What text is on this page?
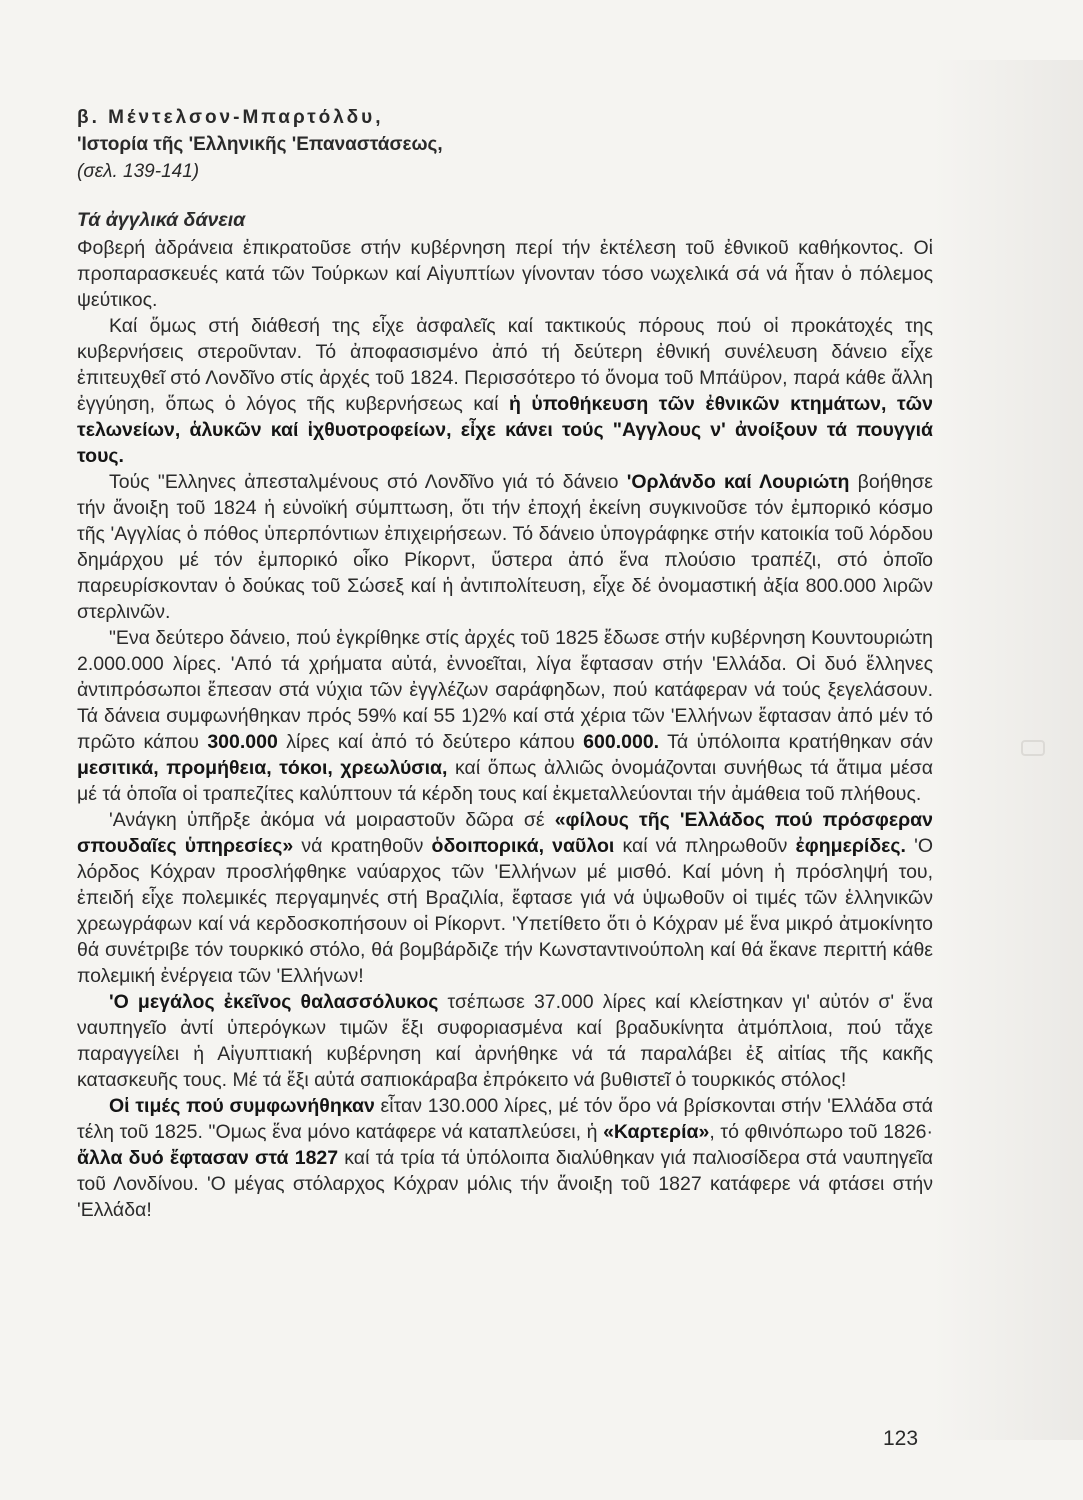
β. Μέντελσον-Μπαρτόλδυ,
'Ιστορία τῆς 'Ελληνικῆς 'Επαναστάσεως,
(σελ. 139-141)
Τά ἀγγλικά δάνεια

Φοβερή ἀδράνεια ἐπικρατοῦσε στήν κυβέρνηση περί τήν ἐκτέλεση τοῦ ἐθνικοῦ καθήκοντος. Οἱ προπαρασκευές κατά τῶν Τούρκων καί Αἰγυπτίων γίνονταν τόσο νωχελικά σά νά ἦταν ὁ πόλεμος ψεύτικος.

Καί ὅμως στή διάθεσή της εἶχε ἀσφαλεῖς καί τακτικούς πόρους πού οἱ προκάτοχές της κυβερνήσεις στεροῦνταν. Τό ἀποφασισμένο ἀπό τή δεύτερη ἐθνική συνέλευση δάνειο εἶχε ἐπιτευχθεῖ στό Λονδῖνο στίς ἀρχές τοῦ 1824. Περισσότερο τό ὄνομα τοῦ Μπάϋρον, παρά κάθε ἄλλη ἐγγύηση, ὅπως ὁ λόγος τῆς κυβερνήσεως καί ἡ ὑποθήκευση τῶν ἐθνικῶν κτημάτων, τῶν τελωνείων, ἁλυκῶν καί ἰχθυοτροφείων, εἶχε κάνει τούς "Αγγλους ν' ἀνοίξουν τά πουγγιά τους.

Τούς "Ελληνες ἀπεσταλμένους στό Λονδῖνο γιά τό δάνειο 'Ορλάνδο καί Λουριώτη βοήθησε τήν ἄνοιξη τοῦ 1824 ἡ εὐνοϊκή σύμπτωση, ὅτι τήν ἐποχή ἐκείνη συγκινοῦσε τόν ἐμπορικό κόσμο τῆς 'Αγγλίας ὁ πόθος ὑπερπόντιων ἐπιχειρήσεων. Τό δάνειο ὑπογράφηκε στήν κατοικία τοῦ λόρδου δημάρχου μέ τόν ἐμπορικό οἶκο Ρίκορντ, ὕστερα ἀπό ἕνα πλούσιο τραπέζι, στό ὁποῖο παρευρίσκονταν ὁ δούκας τοῦ Σώσεξ καί ἡ ἀντιπολίτευση, εἶχε δέ ὀνομαστική ἀξία 800.000 λιρῶν στερλινῶν.

"Ενα δεύτερο δάνειο, πού ἐγκρίθηκε στίς ἀρχές τοῦ 1825 ἔδωσε στήν κυβέρνηση Κουντουριώτη 2.000.000 λίρες. 'Από τά χρήματα αὐτά, ἐννοεῖται, λίγα ἔφτασαν στήν 'Ελλάδα. Οἱ δυό ἕλληνες ἀντιπρόσωποι ἔπεσαν στά νύχια τῶν ἐγγλέζων σαράφηδων, πού κατάφεραν νά τούς ξεγελάσουν. Τά δάνεια συμφωνήθηκαν πρός 59% καί 55 1)2% καί στά χέρια τῶν 'Ελλήνων ἔφτασαν ἀπό μέν τό πρῶτο κάπου 300.000 λίρες καί ἀπό τό δεύτερο κάπου 600.000. Τά ὑπόλοιπα κρατήθηκαν σάν μεσιτικά, προμήθεια, τόκοι, χρεωλύσια, καί ὅπως ἀλλιῶς ὀνομάζονται συνήθως τά ἄτιμα μέσα μέ τά ὁποῖα οἱ τραπεζίτες καλύπτουν τά κέρδη τους καί ἐκμεταλλεύονται τήν ἀμάθεια τοῦ πλήθους.

'Ανάγκη ὑπῆρξε ἀκόμα νά μοιραστοῦν δῶρα σέ «φίλους τῆς 'Ελλάδος πού πρόσφεραν σπουδαῖες ὑπηρεσίες» νά κρατηθοῦν ὁδοιπορικά, ναῦλοι καί νά πληρωθοῦν ἐφημερίδες. 'Ο λόρδος Κόχραν προσλήφθηκε ναύαρχος τῶν 'Ελλήνων μέ μισθό. Καί μόνη ἡ πρόσληψή του, ἐπειδή εἶχε πολεμικές περγαμηνές στή Βραζιλία, ἔφτασε γιά νά ὑψωθοῦν οἱ τιμές τῶν ἑλληνικῶν χρεωγράφων καί νά κερδοσκοπήσουν οἱ Ρίκορντ. 'Υπετίθετο ὅτι ὁ Κόχραν μέ ἕνα μικρό ἀτμοκίνητο θά συνέτριβε τόν τουρκικό στόλο, θά βομβάρδιζε τήν Κωνσταντινούπολη καί θά ἔκανε περιττή κάθε πολεμική ἐνέργεια τῶν 'Ελλήνων!

'Ο μεγάλος ἐκεῖνος θαλασσόλυκος τσέπωσε 37.000 λίρες καί κλείστηκαν γι' αὐτόν σ' ἕνα ναυπηγεῖο ἀντί ὑπερόγκων τιμῶν ἕξι συφοριασμένα καί βραδυκίνητα ἀτμόπλοια, πού τἄχε παραγγείλει ἡ Αἰγυπτιακή κυβέρνηση καί ἀρνήθηκε νά τά παραλάβει ἐξ αἰτίας τῆς κακῆς κατασκευῆς τους. Μέ τά ἕξι αὐτά σαπιοκάραβα ἐπρόκειτο νά βυθιστεῖ ὁ τουρκικός στόλος!

Οἱ τιμές πού συμφωνήθηκαν εἶταν 130.000 λίρες, μέ τόν ὅρο νά βρίσκονται στήν 'Ελλάδα στά τέλη τοῦ 1825. "Ομως ἕνα μόνο κατάφερε νά καταπλεύσει, ἡ «Καρτερία», τό φθινόπωρο τοῦ 1826· ἄλλα δυό ἔφτασαν στά 1827 καί τά τρία τά ὑπόλοιπα διαλύθηκαν γιά παλιοσίδερα στά ναυπηγεῖα τοῦ Λονδίνου. 'Ο μέγας στόλαρχος Κόχραν μόλις τήν ἄνοιξη τοῦ 1827 κατάφερε νά φτάσει στήν 'Ελλάδα!

123
